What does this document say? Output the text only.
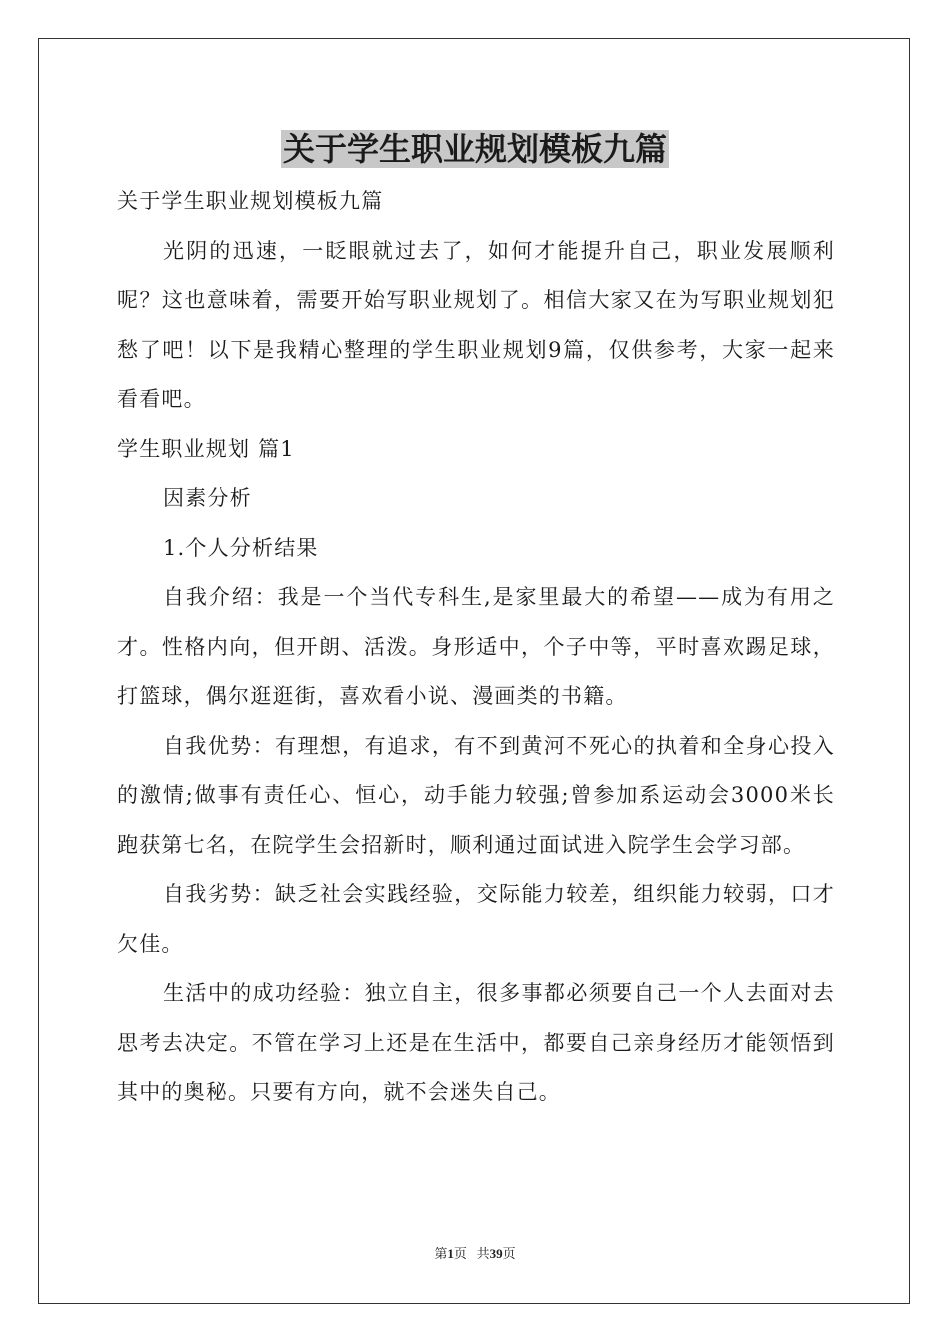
关于学生职业规划模板九篇

关于学生职业规划模板九篇

光阴的迅速，一眨眼就过去了，如何才能提升自己，职业发展顺利呢？这也意味着，需要开始写职业规划了。相信大家又在为写职业规划犯愁了吧！以下是我精心整理的学生职业规划9篇，仅供参考，大家一起来看看吧。

学生职业规划 篇1

因素分析

1.个人分析结果

自我介绍：我是一个当代专科生,是家里最大的希望——成为有用之才。性格内向，但开朗、活泼。身形适中，个子中等，平时喜欢踢足球，打篮球，偶尔逛逛街，喜欢看小说、漫画类的书籍。

自我优势：有理想，有追求，有不到黄河不死心的执着和全身心投入的激情;做事有责任心、恒心，动手能力较强;曾参加系运动会3000米长跑获第七名，在院学生会招新时，顺利通过面试进入院学生会学习部。

自我劣势：缺乏社会实践经验，交际能力较差，组织能力较弱，口才欠佳。

生活中的成功经验：独立自主，很多事都必须要自己一个人去面对去思考去决定。不管在学习上还是在生活中，都要自己亲身经历才能领悟到其中的奥秘。只要有方向，就不会迷失自己。

第1页 共39页
